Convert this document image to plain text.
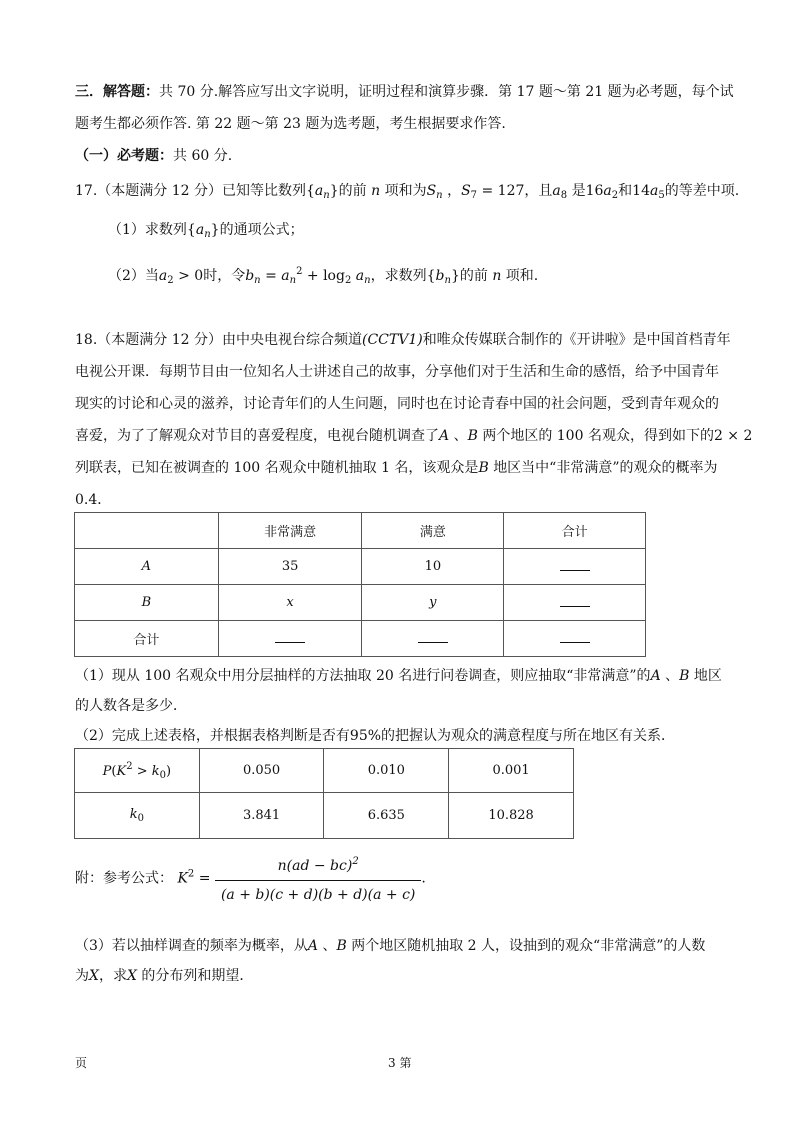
三．解答题：共 70 分.解答应写出文字说明，证明过程和演算步骤．第 17 题～第 21 题为必考题，每个试
题考生都必须作答. 第 22 题～第 23 题为选考题，考生根据要求作答.
（一）必考题：共 60 分.
17.（本题满分 12 分）已知等比数列$\{a_n\}$的前 n 项和为$S_n$ ，$S_7 = 127$，且$a_8$ 是$16a_2$和$14a_5$的等差中项.
（1）求数列$\{a_n\}$的通项公式；
（2）当$a_2 > 0$时，令$b_n = a_n^2 + \log_2 a_n$，求数列$\{b_n\}$的前 n 项和.
18.（本题满分 12 分）由中央电视台综合频道(CCTV1)和唯众传媒联合制作的《开讲啦》是中国首档青年
电视公开课．每期节目由一位知名人士讲述自己的故事，分享他们对于生活和生命的感悟，给予中国青年
现实的讨论和心灵的滋养，讨论青年们的人生问题，同时也在讨论青春中国的社会问题，受到青年观众的
喜爱，为了了解观众对节目的喜爱程度，电视台随机调查了A 、B 两个地区的 100 名观众，得到如下的2 × 2
列联表，已知在被调查的 100 名观众中随机抽取 1 名，该观众是B 地区当中“非常满意”的观众的概率为
0.4．
	非常满意	满意	合计
A	35	10	
B	x	y	
合计			
（1）现从 100 名观众中用分层抽样的方法抽取 20 名进行问卷调查，则应抽取“非常满意”的A 、B 地区
的人数各是多少．
（2）完成上述表格，并根据表格判断是否有95%的把握认为观众的满意程度与所在地区有关系．
$P(K^2 > k_0)$	0.050	0.010	0.001
$k_0$	3.841	6.635	10.828
附：参考公式： $K^2 = \frac{n(ad - bc)^2}{(a + b)(c + d)(b + d)(a + c)}$ .
（3）若以抽样调查的频率为概率，从A 、B 两个地区随机抽取 2 人，设抽到的观众“非常满意”的人数
为X，求X 的分布列和期望．
页	3 第
